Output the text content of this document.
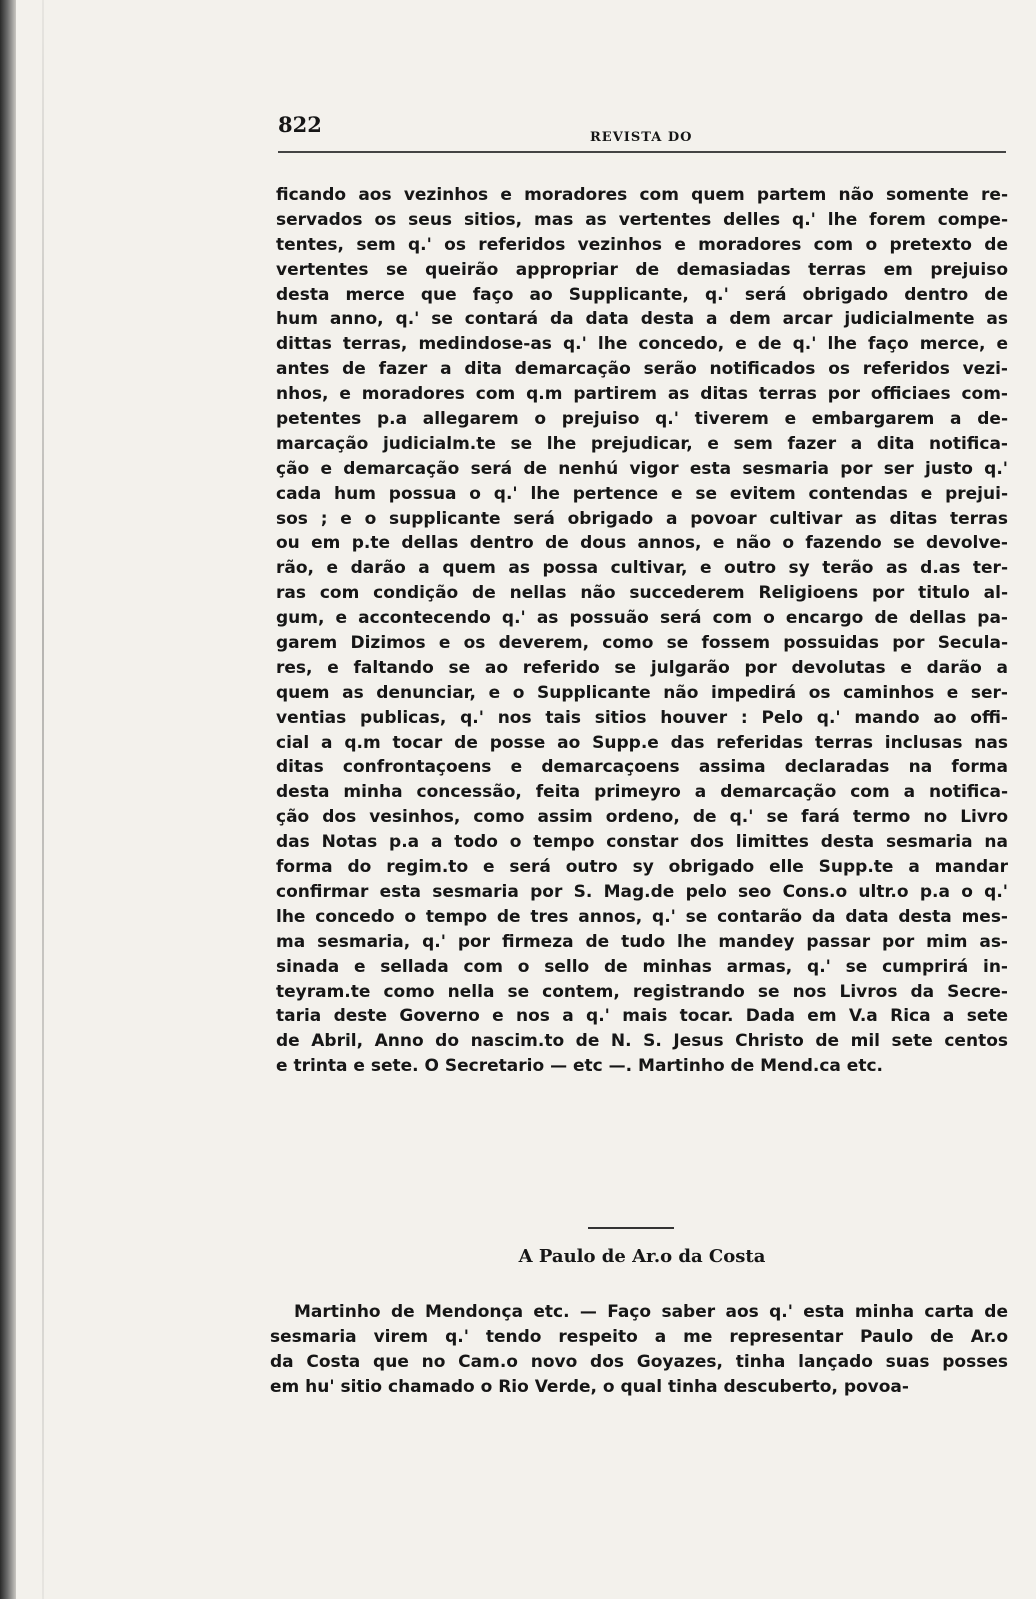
822
REVISTA DO
ficando aos vezinhos e moradores com quem partem não somente re-
servados os seus sitios, mas as vertentes delles q.' lhe forem compe-
tentes, sem q.' os referidos vezinhos e moradores com o pretexto de
vertentes se queirão appropriar de demasiadas terras em prejuiso
desta merce que faço ao Supplicante, q.' será obrigado dentro de
hum anno, q.' se contará da data desta a dem arcar judicialmente as
dittas terras, medindose-as q.' lhe concedo, e de q.' lhe faço merce, e
antes de fazer a dita demarcação serão notificados os referidos vezi-
nhos, e moradores com q.m partirem as ditas terras por officiaes com-
petentes p.a allegarem o prejuiso q.' tiverem e embargarem a de-
marcação judicialm.te se lhe prejudicar, e sem fazer a dita notifica-
ção e demarcação será de nenhú vigor esta sesmaria por ser justo q.'
cada hum possua o q.' lhe pertence e se evitem contendas e prejui-
sos ; e o supplicante será obrigado a povoar cultivar as ditas terras
ou em p.te dellas dentro de dous annos, e não o fazendo se devolve-
rão, e darão a quem as possa cultivar, e outro sy terão as d.as ter-
ras com condição de nellas não succederem Religioens por titulo al-
gum, e accontecendo q.' as possuão será com o encargo de dellas pa-
garem Dizimos e os deverem, como se fossem possuidas por Secula-
res, e faltando se ao referido se julgarão por devolutas e darão a
quem as denunciar, e o Supplicante não impedirá os caminhos e ser-
ventias publicas, q.' nos tais sitios houver : Pelo q.' mando ao offi-
cial a q.m tocar de posse ao Supp.e das referidas terras inclusas nas
ditas confrontaçoens e demarcaçoens assima declaradas na forma
desta minha concessão, feita primeyro a demarcação com a notifica-
ção dos vesinhos, como assim ordeno, de q.' se fará termo no Livro
das Notas p.a a todo o tempo constar dos limittes desta sesmaria na
forma do regim.to e será outro sy obrigado elle Supp.te a mandar
confirmar esta sesmaria por S. Mag.de pelo seo Cons.o ultr.o p.a o q.'
lhe concedo o tempo de tres annos, q.' se contarão da data desta mes-
ma sesmaria, q.' por firmeza de tudo lhe mandey passar por mim as-
sinada e sellada com o sello de minhas armas, q.' se cumprirá in-
teyram.te como nella se contem, registrando se nos Livros da Secre-
taria deste Governo e nos a q.' mais tocar. Dada em V.a Rica a sete
de Abril, Anno do nascim.to de N. S. Jesus Christo de mil sete centos
e trinta e sete. O Secretario — etc —. Martinho de Mend.ca etc.
A Paulo de Ar.o da Costa
Martinho de Mendonça etc. — Faço saber aos q.' esta minha carta de
sesmaria virem q.' tendo respeito a me representar Paulo de Ar.o
da Costa que no Cam.o novo dos Goyazes, tinha lançado suas posses
em hu' sitio chamado o Rio Verde, o qual tinha descuberto, povoa-
